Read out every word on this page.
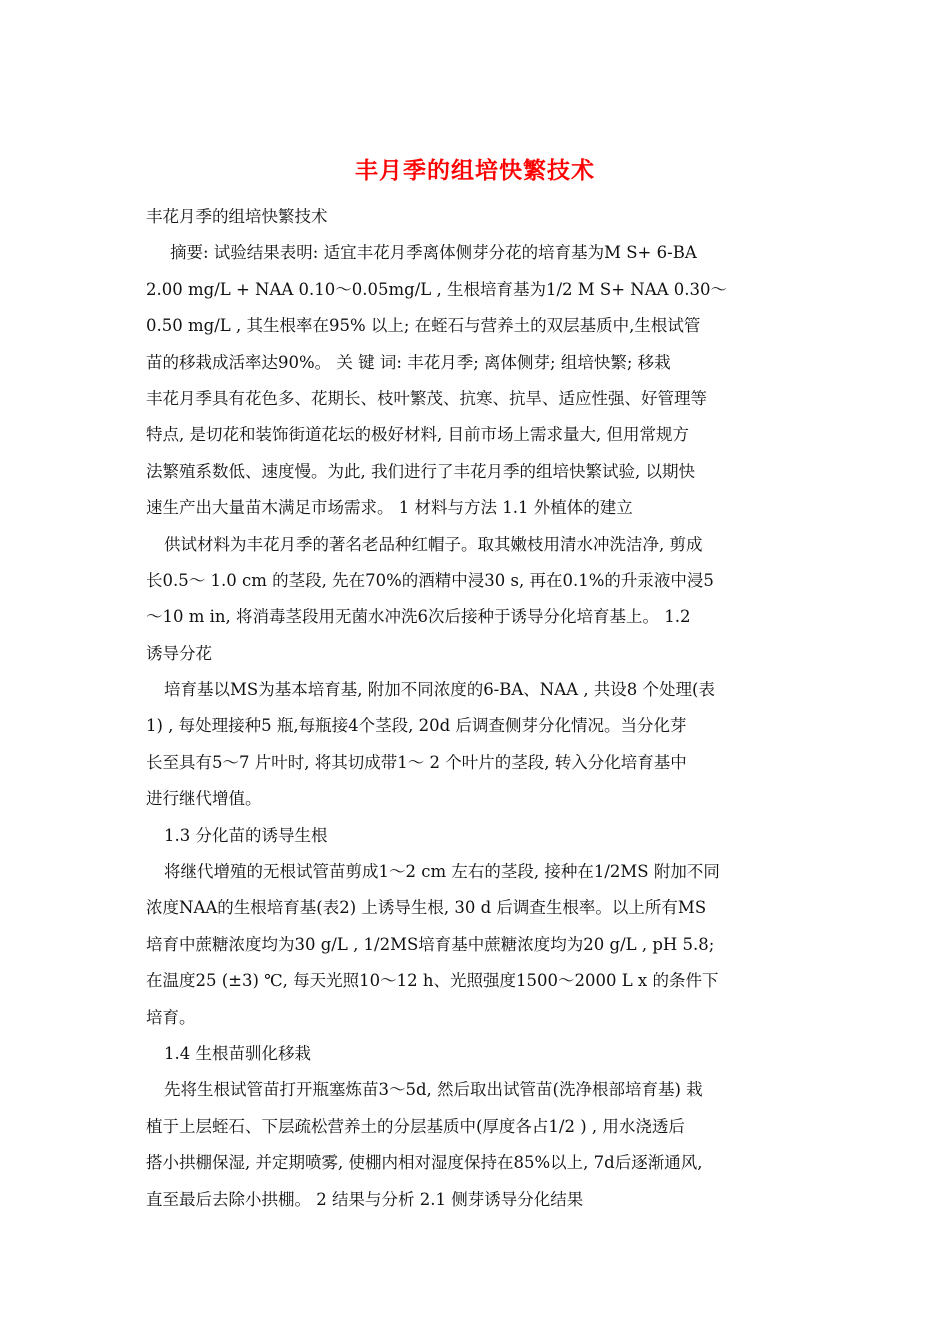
丰月季的组培快繁技术
丰花月季的组培快繁技术
摘要: 试验结果表明: 适宜丰花月季离体侧芽分花的培育基为M S+ 6-BA
2.00 mg/L + NAA 0.10～0.05mg/L , 生根培育基为1/2 M S+ NAA 0.30～
0.50 mg/L , 其生根率在95% 以上; 在蛭石与营养土的双层基质中,生根试管
苗的移栽成活率达90%。 关 键 词: 丰花月季; 离体侧芽; 组培快繁; 移栽
丰花月季具有花色多、花期长、枝叶繁茂、抗寒、抗旱、适应性强、好管理等
特点, 是切花和装饰街道花坛的极好材料, 目前市场上需求量大, 但用常规方
法繁殖系数低、速度慢。为此, 我们进行了丰花月季的组培快繁试验, 以期快
速生产出大量苗木满足市场需求。 1 材料与方法 1.1 外植体的建立
供试材料为丰花月季的著名老品种红帽子。取其嫩枝用清水冲洗洁净, 剪成
长0.5～ 1.0 cm 的茎段, 先在70%的酒精中浸30 s, 再在0.1%的升汞液中浸5
～10 m in, 将消毒茎段用无菌水冲洗6次后接种于诱导分化培育基上。 1.2
诱导分花
培育基以MS为基本培育基, 附加不同浓度的6-BA、NAA , 共设8 个处理(表
1) , 每处理接种5 瓶,每瓶接4个茎段, 20d 后调查侧芽分化情况。当分化芽
长至具有5～7 片叶时, 将其切成带1～ 2 个叶片的茎段, 转入分化培育基中
进行继代增值。
1.3 分化苗的诱导生根
将继代增殖的无根试管苗剪成1～2 cm 左右的茎段, 接种在1/2MS 附加不同
浓度NAA的生根培育基(表2) 上诱导生根, 30 d 后调查生根率。以上所有MS
培育中蔗糖浓度均为30 g/L , 1/2MS培育基中蔗糖浓度均为20 g/L , pH 5.8;
在温度25 (±3) ℃, 每天光照10～12 h、光照强度1500～2000 L x 的条件下
培育。
1.4 生根苗驯化移栽
先将生根试管苗打开瓶塞炼苗3～5d, 然后取出试管苗(洗净根部培育基) 栽
植于上层蛭石、下层疏松营养土的分层基质中(厚度各占1/2 ) , 用水浇透后
搭小拱棚保湿, 并定期喷雾, 使棚内相对湿度保持在85%以上, 7d后逐渐通风,
直至最后去除小拱棚。 2 结果与分析 2.1 侧芽诱导分化结果
